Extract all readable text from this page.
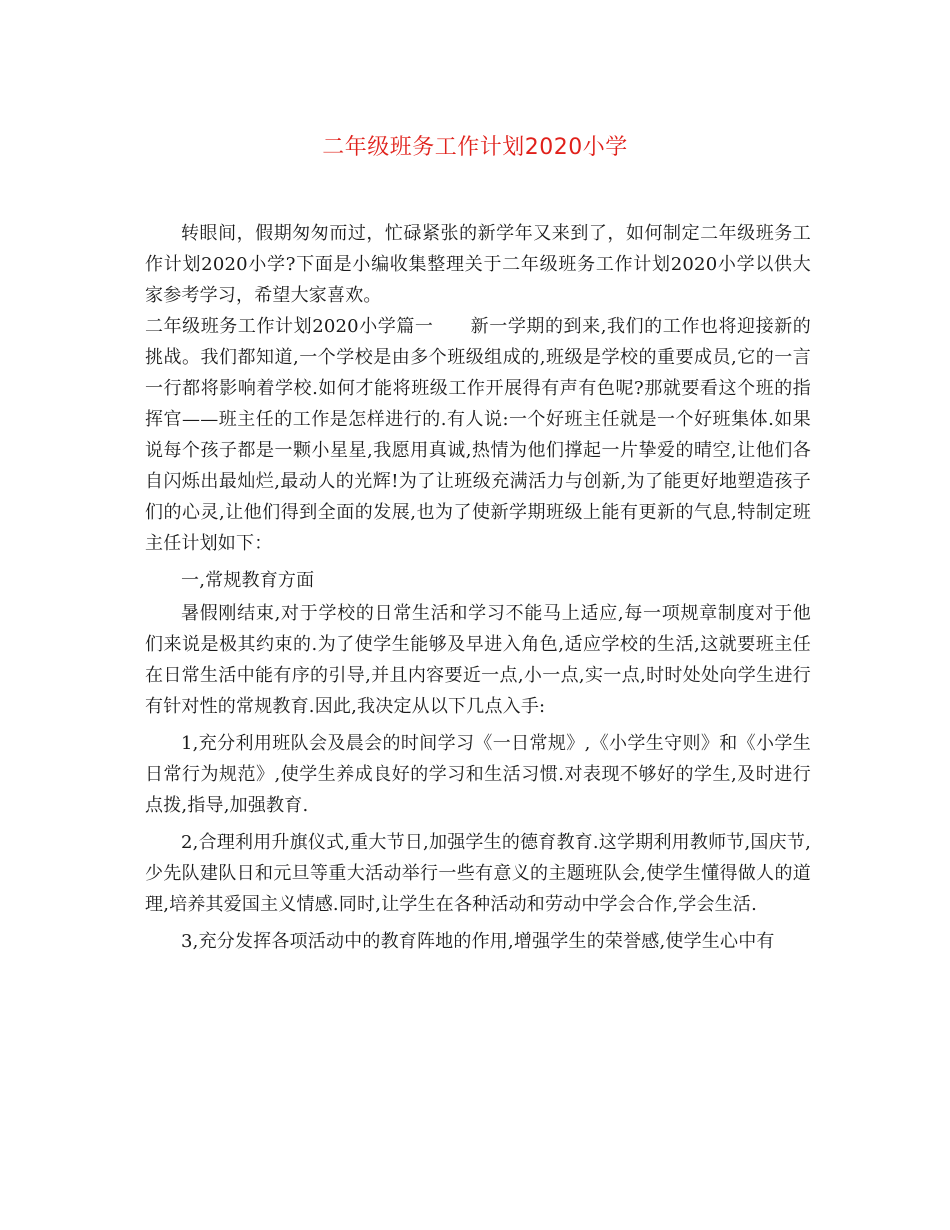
二年级班务工作计划2020小学

转眼间，假期匆匆而过，忙碌紧张的新学年又来到了，如何制定二年级班务工作计划2020小学?下面是小编收集整理关于二年级班务工作计划2020小学以供大家参考学习，希望大家喜欢。

二年级班务工作计划2020小学篇一　　新一学期的到来,我们的工作也将迎接新的挑战。我们都知道,一个学校是由多个班级组成的,班级是学校的重要成员,它的一言一行都将影响着学校.如何才能将班级工作开展得有声有色呢?那就要看这个班的指挥官——班主任的工作是怎样进行的.有人说:一个好班主任就是一个好班集体.如果说每个孩子都是一颗小星星,我愿用真诚,热情为他们撑起一片挚爱的晴空,让他们各自闪烁出最灿烂,最动人的光辉!为了让班级充满活力与创新,为了能更好地塑造孩子们的心灵,让他们得到全面的发展,也为了使新学期班级上能有更新的气息,特制定班主任计划如下：

一,常规教育方面

暑假刚结束,对于学校的日常生活和学习不能马上适应,每一项规章制度对于他们来说是极其约束的.为了使学生能够及早进入角色,适应学校的生活,这就要班主任在日常生活中能有序的引导,并且内容要近一点,小一点,实一点,时时处处向学生进行有针对性的常规教育.因此,我决定从以下几点入手:

1,充分利用班队会及晨会的时间学习《一日常规》,《小学生守则》和《小学生日常行为规范》,使学生养成良好的学习和生活习惯.对表现不够好的学生,及时进行点拨,指导,加强教育.

2,合理利用升旗仪式,重大节日,加强学生的德育教育.这学期利用教师节,国庆节,少先队建队日和元旦等重大活动举行一些有意义的主题班队会,使学生懂得做人的道理,培养其爱国主义情感.同时,让学生在各种活动和劳动中学会合作,学会生活.

3,充分发挥各项活动中的教育阵地的作用,增强学生的荣誉感,使学生心中有
